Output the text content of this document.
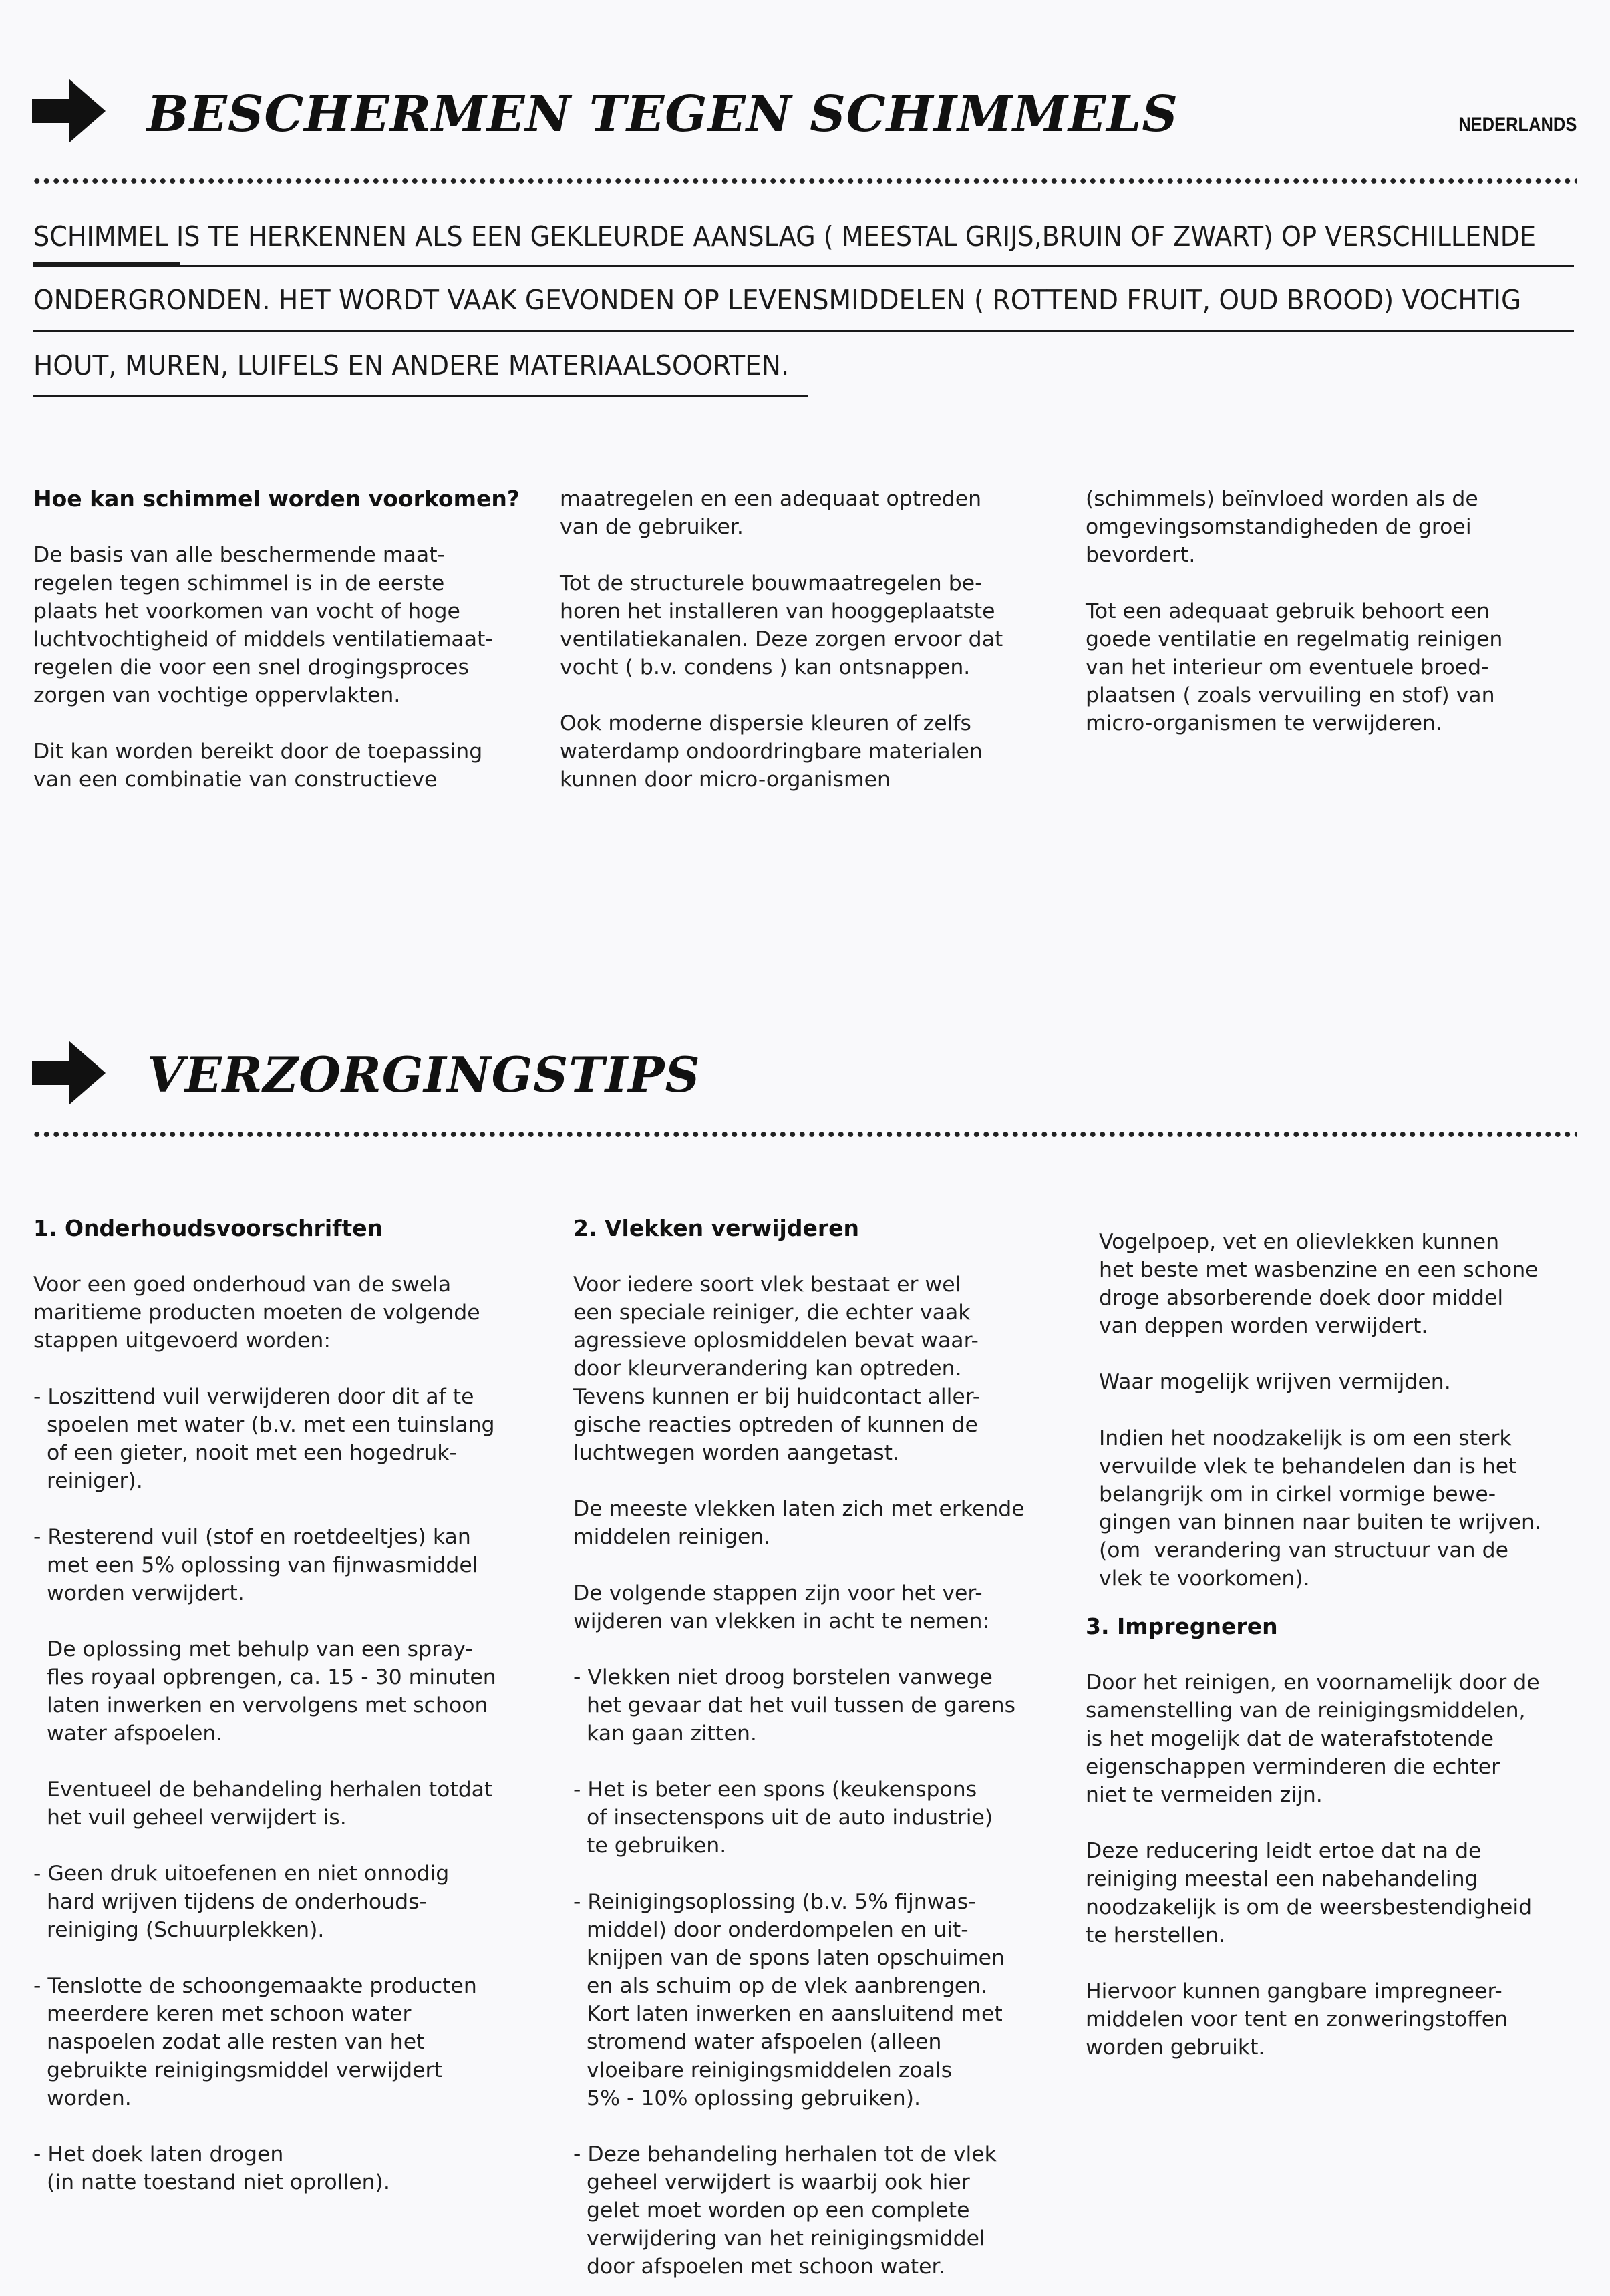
BESCHERMEN TEGEN SCHIMMELS	NEDERLANDS
SCHIMMEL IS TE HERKENNEN ALS EEN GEKLEURDE AANSLAG ( MEESTAL GRIJS,BRUIN OF ZWART) OP VERSCHILLENDE
ONDERGRONDEN. HET WORDT VAAK GEVONDEN OP LEVENSMIDDELEN ( ROTTEND FRUIT, OUD BROOD) VOCHTIG
HOUT, MUREN, LUIFELS EN ANDERE MATERIAALSOORTEN.
Hoe kan schimmel worden voorkomen?
De basis van alle beschermende maat-
regelen tegen schimmel is in de eerste
plaats het voorkomen van vocht of hoge
luchtvochtigheid of middels ventilatiemaat-
regelen die voor een snel drogingsproces
zorgen van vochtige oppervlakten.
Dit kan worden bereikt door de toepassing
van een combinatie van constructieve
maatregelen en een adequaat optreden
van de gebruiker.
Tot de structurele bouwmaatregelen be-
horen het installeren van hooggeplaatste
ventilatiekanalen. Deze zorgen ervoor dat
vocht ( b.v. condens ) kan ontsnappen.
Ook moderne dispersie kleuren of zelfs
waterdamp ondoordringbare materialen
kunnen door micro-organismen
(schimmels) beïnvloed worden als de
omgevingsomstandigheden de groei
bevordert.
Tot een adequaat gebruik behoort een
goede ventilatie en regelmatig reinigen
van het interieur om eventuele broed-
plaatsen ( zoals vervuiling en stof) van
micro-organismen te verwijderen.
VERZORGINGSTIPS
1. Onderhoudsvoorschriften
Voor een goed onderhoud van de swela
maritieme producten moeten de volgende
stappen uitgevoerd worden:
- Loszittend vuil verwijderen door dit af te
spoelen met water (b.v. met een tuinslang
of een gieter, nooit met een hogedruk-
reiniger).
- Resterend vuil (stof en roetdeeltjes) kan
met een 5% oplossing van fijnwasmiddel
worden verwijdert.
De oplossing met behulp van een spray-
fles royaal opbrengen, ca. 15 - 30 minuten
laten inwerken en vervolgens met schoon
water afspoelen.
Eventueel de behandeling herhalen totdat
het vuil geheel verwijdert is.
- Geen druk uitoefenen en niet onnodig
hard wrijven tijdens de onderhouds-
reiniging (Schuurplekken).
- Tenslotte de schoongemaakte producten
meerdere keren met schoon water
naspoelen zodat alle resten van het
gebruikte reinigingsmiddel verwijdert
worden.
- Het doek laten drogen
(in natte toestand niet oprollen).
2. Vlekken verwijderen
Voor iedere soort vlek bestaat er wel
een speciale reiniger, die echter vaak
agressieve oplosmiddelen bevat waar-
door kleurverandering kan optreden.
Tevens kunnen er bij huidcontact aller-
gische reacties optreden of kunnen de
luchtwegen worden aangetast.
De meeste vlekken laten zich met erkende
middelen reinigen.
De volgende stappen zijn voor het ver-
wijderen van vlekken in acht te nemen:
- Vlekken niet droog borstelen vanwege
het gevaar dat het vuil tussen de garens
kan gaan zitten.
- Het is beter een spons (keukenspons
of insectenspons uit de auto industrie)
te gebruiken.
- Reinigingsoplossing (b.v. 5% fijnwas-
middel) door onderdompelen en uit-
knijpen van de spons laten opschuimen
en als schuim op de vlek aanbrengen.
Kort laten inwerken en aansluitend met
stromend water afspoelen (alleen
vloeibare reinigingsmiddelen zoals
5% - 10% oplossing gebruiken).
- Deze behandeling herhalen tot de vlek
geheel verwijdert is waarbij ook hier
gelet moet worden op een complete
verwijdering van het reinigingsmiddel
door afspoelen met schoon water.
Vogelpoep, vet en olievlekken kunnen
het beste met wasbenzine en een schone
droge absorberende doek door middel
van deppen worden verwijdert.
Waar mogelijk wrijven vermijden.
Indien het noodzakelijk is om een sterk
vervuilde vlek te behandelen dan is het
belangrijk om in cirkel vormige bewe-
gingen van binnen naar buiten te wrijven.
(om  verandering van structuur van de
vlek te voorkomen).
3. Impregneren
Door het reinigen, en voornamelijk door de
samenstelling van de reinigingsmiddelen,
is het mogelijk dat de waterafstotende
eigenschappen verminderen die echter
niet te vermeiden zijn.
Deze reducering leidt ertoe dat na de
reiniging meestal een nabehandeling
noodzakelijk is om de weersbestendigheid
te herstellen.
Hiervoor kunnen gangbare impregneer-
middelen voor tent en zonweringstoffen
worden gebruikt.
